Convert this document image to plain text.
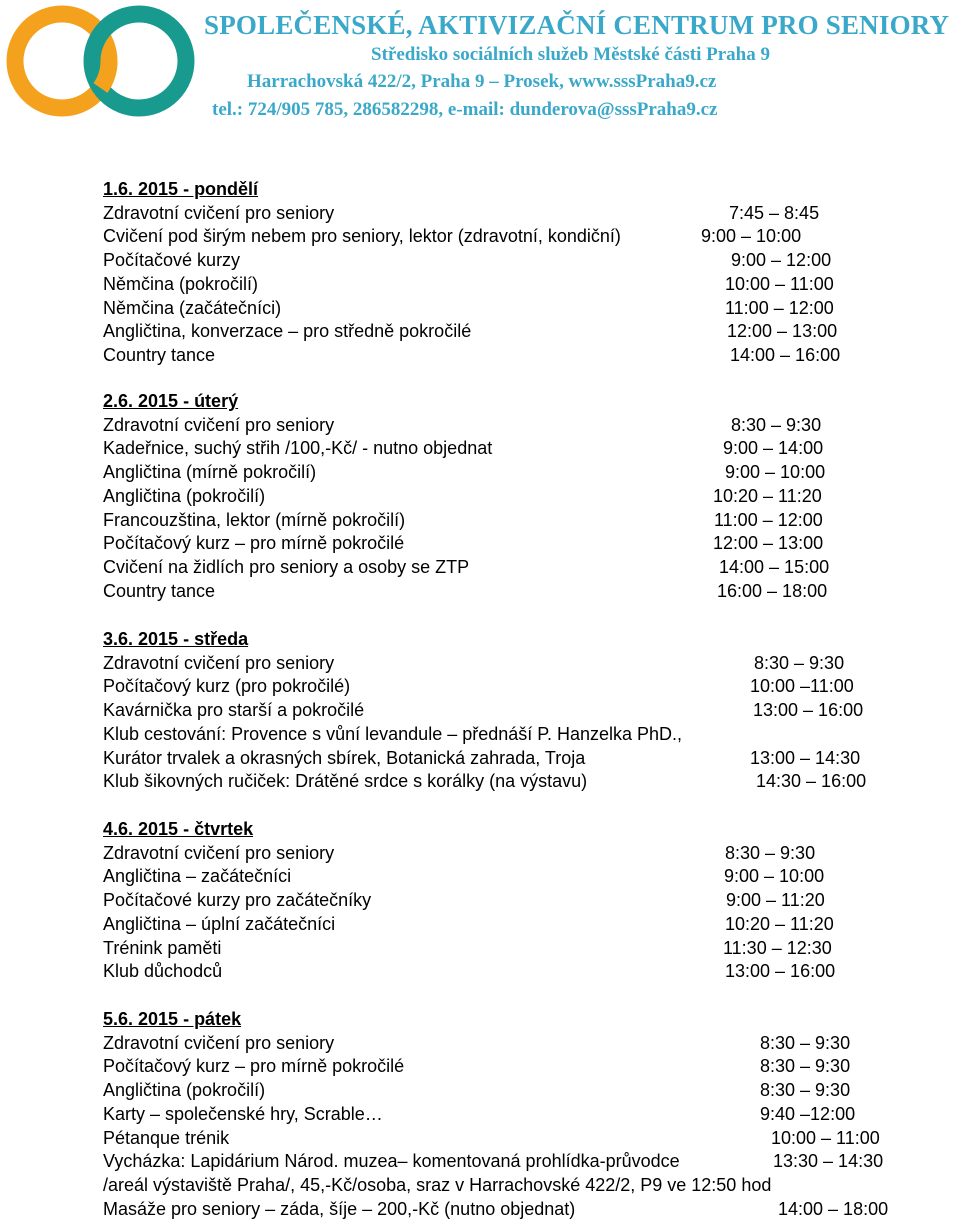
SPOLEČENSKÉ, AKTIVIZAČNÍ CENTRUM PRO SENIORY
Středisko sociálních služeb Městské části Praha 9
Harrachovská 422/2, Praha 9 – Prosek, www.sssPraha9.cz
tel.: 724/905 785, 286582298, e-mail: dunderova@sssPraha9.cz
1.6. 2015 - pondělí
Zdravotní cvičení pro seniory	7:45 – 8:45
Cvičení pod širým nebem pro seniory, lektor (zdravotní, kondiční)	9:00 – 10:00
Počítačové kurzy	9:00 – 12:00
Němčina (pokročilí)	10:00 – 11:00
Němčina (začátečníci)	11:00 – 12:00
Angličtina, konverzace – pro středně pokročilé	12:00 – 13:00
Country tance	14:00 – 16:00
2.6. 2015 - úterý
Zdravotní cvičení pro seniory	8:30 – 9:30
Kadeřnice, suchý střih /100,-Kč/ - nutno objednat	9:00 – 14:00
Angličtina (mírně pokročilí)	9:00 – 10:00
Angličtina (pokročilí)	10:20 – 11:20
Francouzština, lektor (mírně pokročilí)	11:00 – 12:00
Počítačový kurz – pro mírně pokročilé	12:00 – 13:00
Cvičení na židlích pro seniory a osoby se ZTP	14:00 – 15:00
Country tance	16:00 – 18:00
3.6. 2015 - středa
Zdravotní cvičení pro seniory	8:30 – 9:30
Počítačový kurz (pro pokročilé)	10:00 –11:00
Kavárnička pro starší a pokročilé	13:00 – 16:00
Klub cestování: Provence s vůní levandule – přednáší P. Hanzelka PhD.,
Kurátor trvalek a okrasných sbírek, Botanická zahrada, Troja	13:00 – 14:30
Klub šikovných ručiček: Drátěné srdce s korálky (na výstavu)	14:30 – 16:00
4.6. 2015 - čtvrtek
Zdravotní cvičení pro seniory	8:30 – 9:30
Angličtina – začátečníci	9:00 – 10:00
Počítačové kurzy pro začátečníky	9:00 – 11:20
Angličtina – úplní začátečníci	10:20 – 11:20
Trénink paměti	11:30 – 12:30
Klub důchodců	13:00 – 16:00
5.6. 2015 - pátek
Zdravotní cvičení pro seniory	8:30 – 9:30
Počítačový kurz – pro mírně pokročilé	8:30 – 9:30
Angličtina (pokročilí)	8:30 – 9:30
Karty – společenské hry, Scrable…	9:40 –12:00
Pétanque trénik	10:00 – 11:00
Vycházka: Lapidárium Národ. muzea– komentovaná prohlídka-průvodce	13:30 – 14:30
/areál výstaviště Praha/, 45,-Kč/osoba, sraz v Harrachovské 422/2, P9 ve 12:50 hod
Masáže pro seniory – záda, šíje – 200,-Kč (nutno objednat)	14:00 – 18:00
